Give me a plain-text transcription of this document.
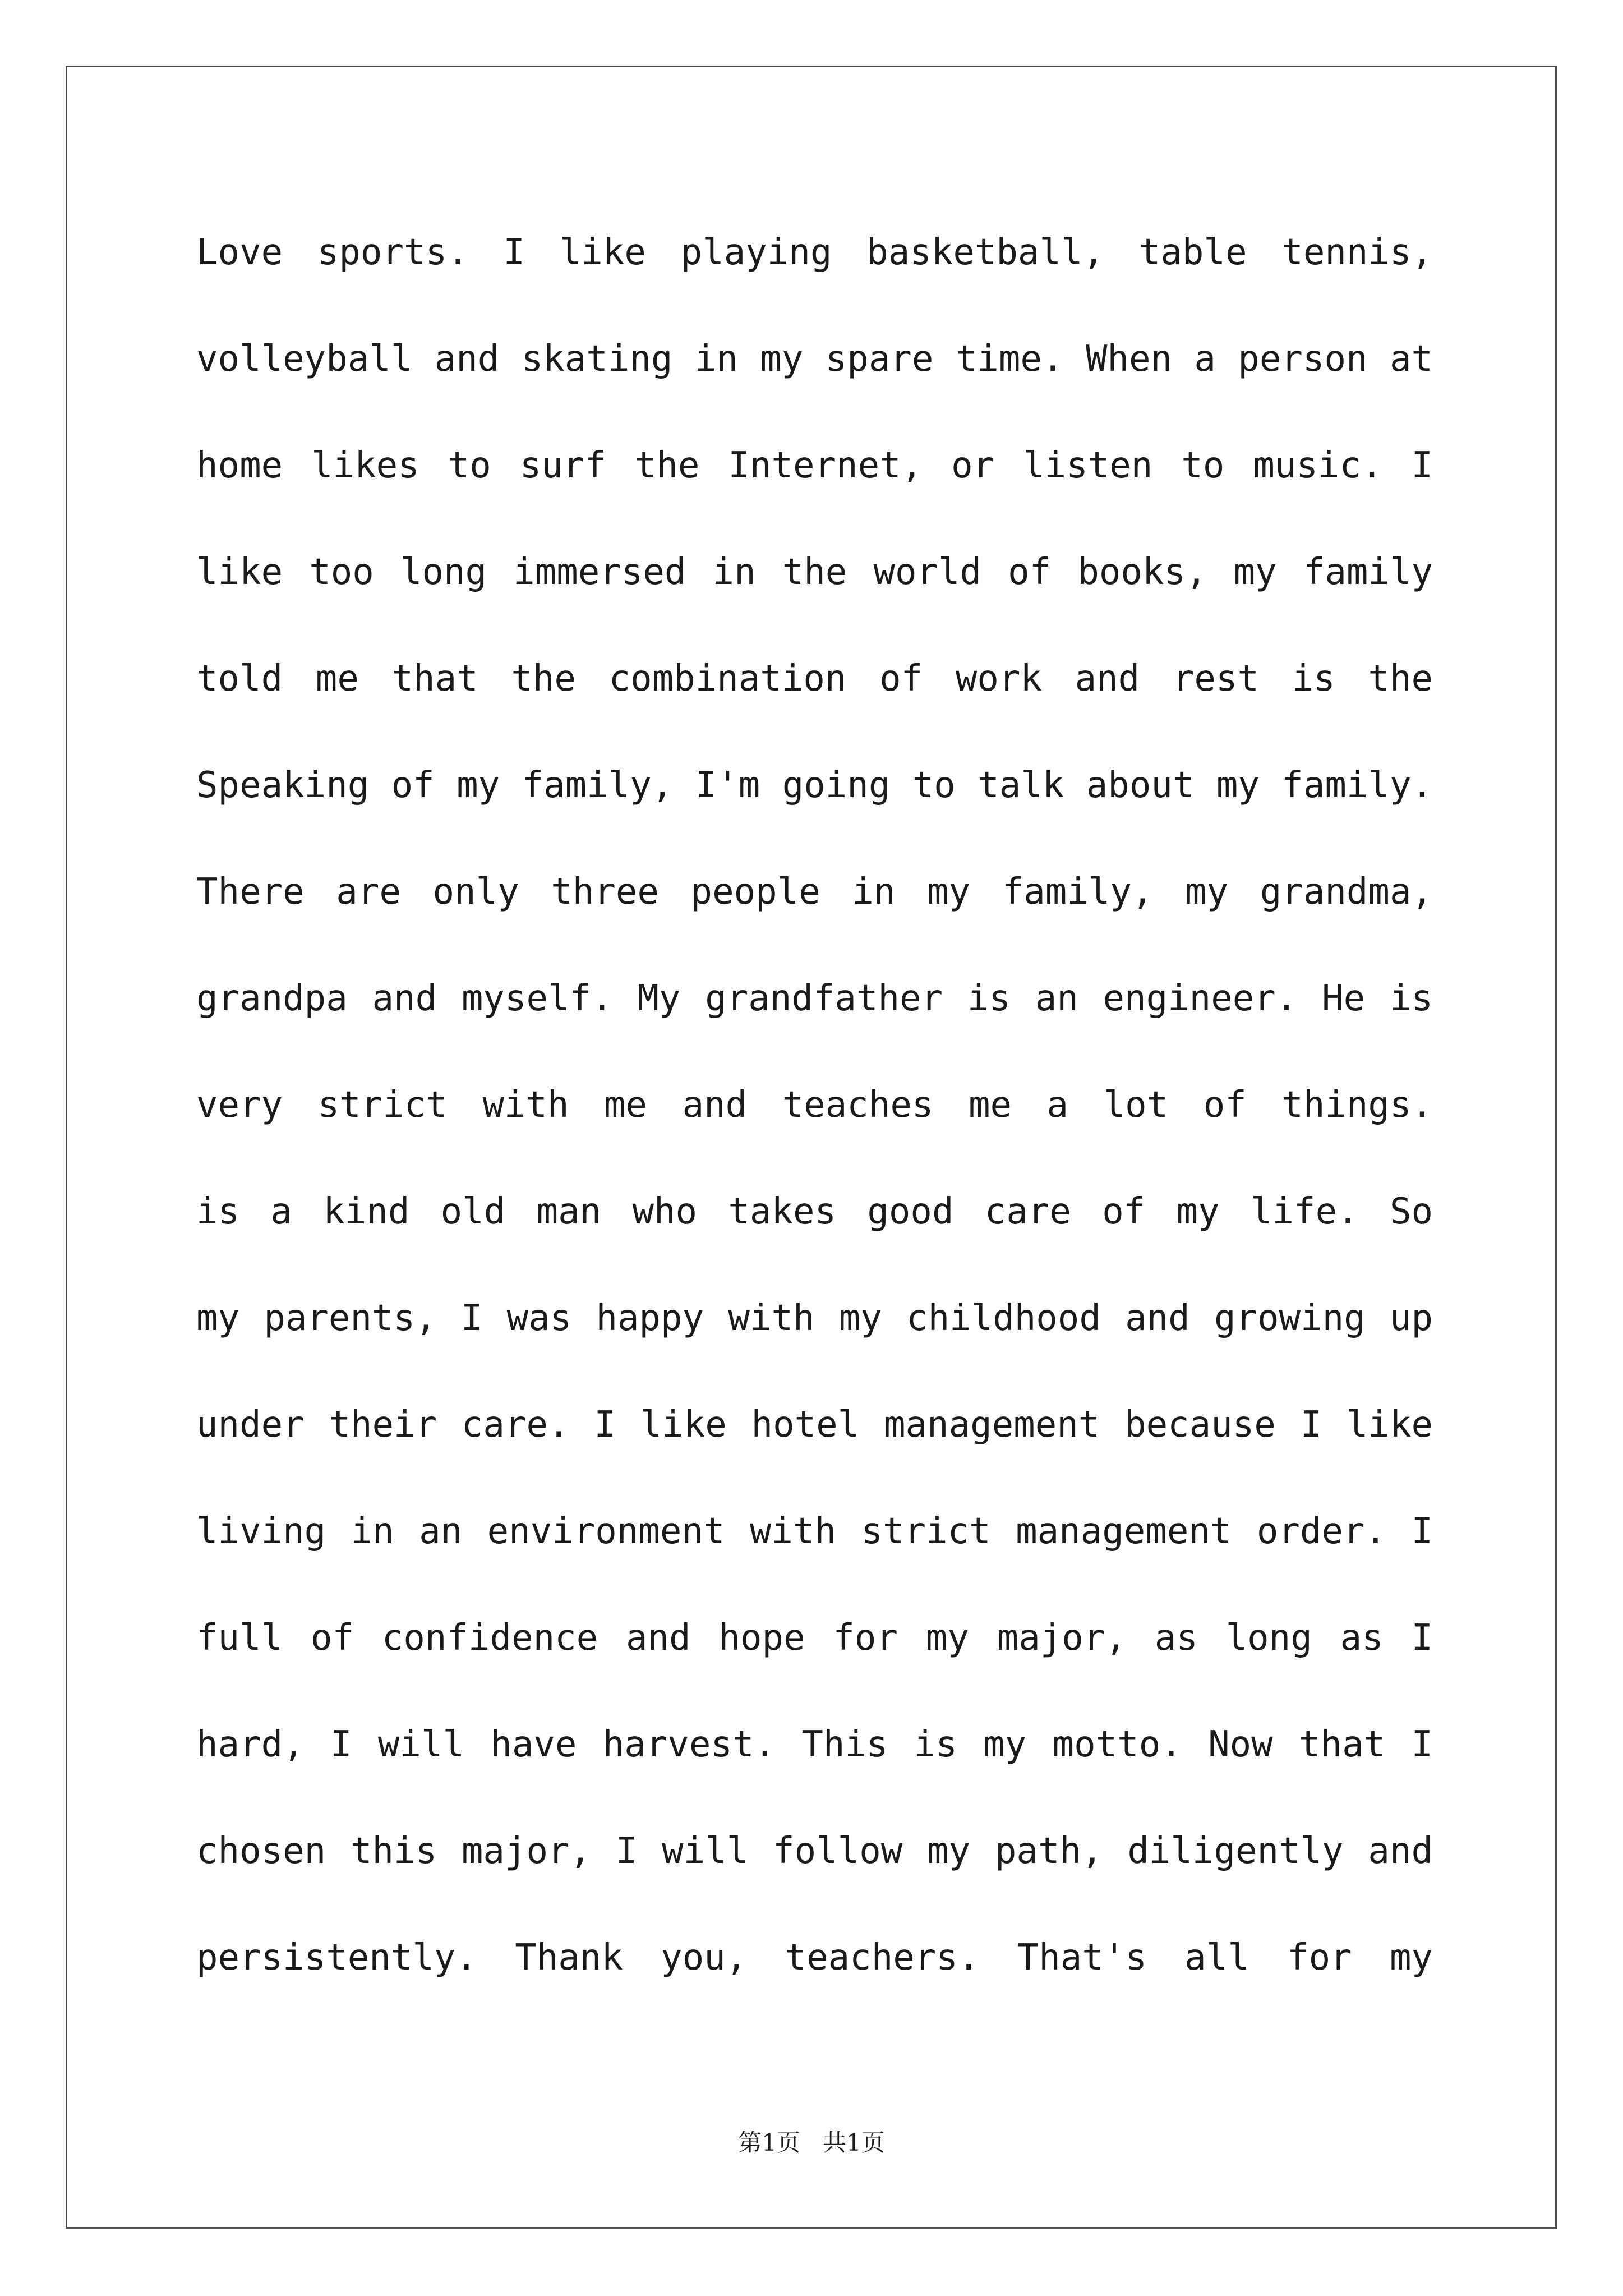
Love sports. I like playing basketball, table tennis,
volleyball and skating in my spare time. When a person at
home likes to surf the Internet, or listen to music. I
like too long immersed in the world of books, my family
told me that the combination of work and rest is the
Speaking of my family, I'm going to talk about my family.
There are only three people in my family, my grandma,
grandpa and myself. My grandfather is an engineer. He is
very strict with me and teaches me a lot of things.
is a kind old man who takes good care of my life. So
my parents, I was happy with my childhood and growing up
under their care. I like hotel management because I like
living in an environment with strict management order. I
full of confidence and hope for my major, as long as I
hard, I will have harvest. This is my motto. Now that I
chosen this major, I will follow my path, diligently and
persistently. Thank you, teachers. That's all for my
第1页   共1页
